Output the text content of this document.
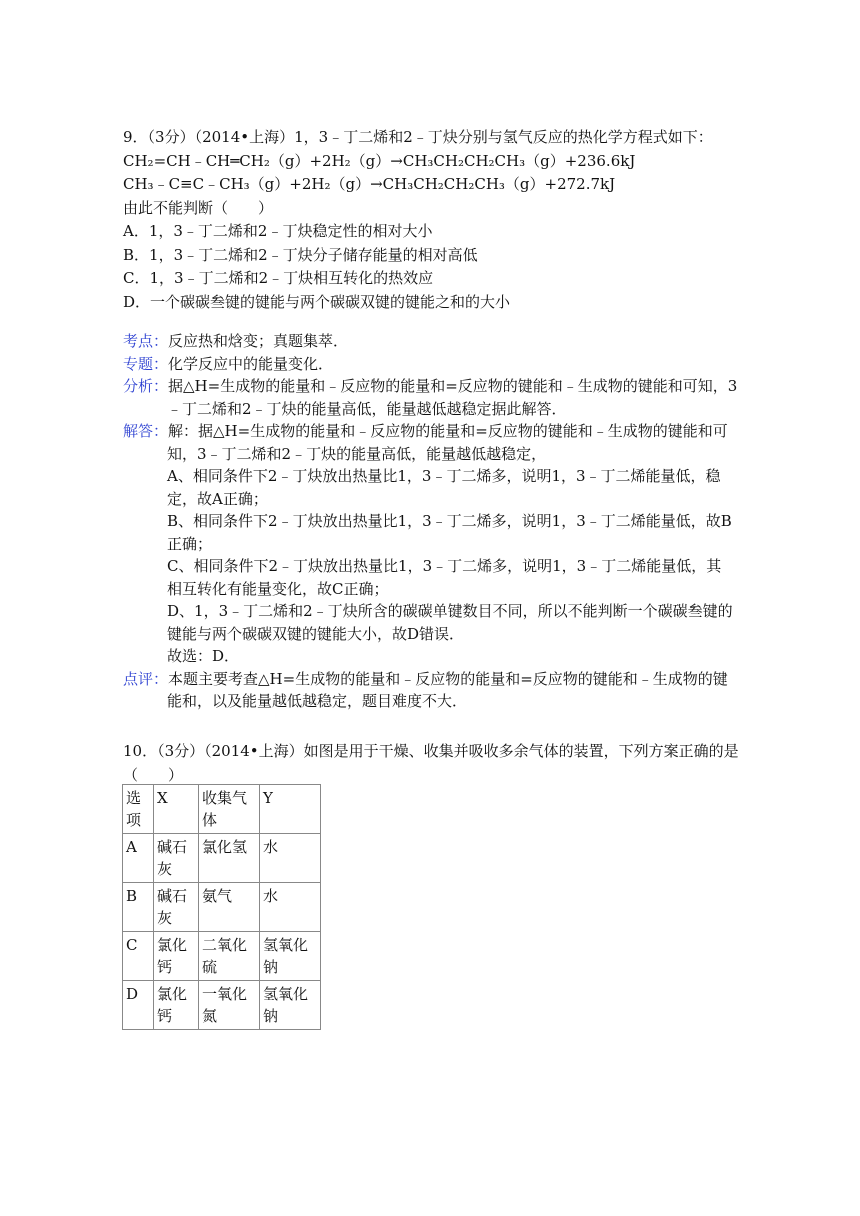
9．（3分）（2014•上海）1，3﹣丁二烯和2﹣丁炔分别与氢气反应的热化学方程式如下：
CH₂=CH﹣CH═CH₂（g）+2H₂（g）→CH₃CH₂CH₂CH₃（g）+236.6kJ
CH₃﹣C≡C﹣CH₃（g）+2H₂（g）→CH₃CH₂CH₂CH₃（g）+272.7kJ
由此不能判断（　　）
A．1，3﹣丁二烯和2﹣丁炔稳定性的相对大小
B．1，3﹣丁二烯和2﹣丁炔分子储存能量的相对高低
C．1，3﹣丁二烯和2﹣丁炔相互转化的热效应
D．一个碳碳叁键的键能与两个碳碳双键的键能之和的大小
考点：反应热和焓变；真题集萃．
专题：化学反应中的能量变化．
分析：据△H=生成物的能量和﹣反应物的能量和=反应物的键能和﹣生成物的键能和可知，3
﹣丁二烯和2﹣丁炔的能量高低，能量越低越稳定据此解答．
解答：解：据△H=生成物的能量和﹣反应物的能量和=反应物的键能和﹣生成物的键能和可
知，3﹣丁二烯和2﹣丁炔的能量高低，能量越低越稳定，
A、相同条件下2﹣丁炔放出热量比1，3﹣丁二烯多，说明1，3﹣丁二烯能量低，稳
定，故A正确；
B、相同条件下2﹣丁炔放出热量比1，3﹣丁二烯多，说明1，3﹣丁二烯能量低，故B
正确；
C、相同条件下2﹣丁炔放出热量比1，3﹣丁二烯多，说明1，3﹣丁二烯能量低，其
相互转化有能量变化，故C正确；
D、1，3﹣丁二烯和2﹣丁炔所含的碳碳单键数目不同，所以不能判断一个碳碳叁键的
键能与两个碳碳双键的键能大小，故D错误．
故选：D．
点评：本题主要考查△H=生成物的能量和﹣反应物的能量和=反应物的键能和﹣生成物的键
能和，以及能量越低越稳定，题目难度不大．
10．（3分）（2014•上海）如图是用于干燥、收集并吸收多余气体的装置，下列方案正确的是
（　　）
选项	X	收集气体	Y
A	碱石灰	氯化氢	水
B	碱石灰	氨气	水
C	氯化钙	二氧化硫	氢氧化钠
D	氯化钙	一氧化氮	氢氧化钠
